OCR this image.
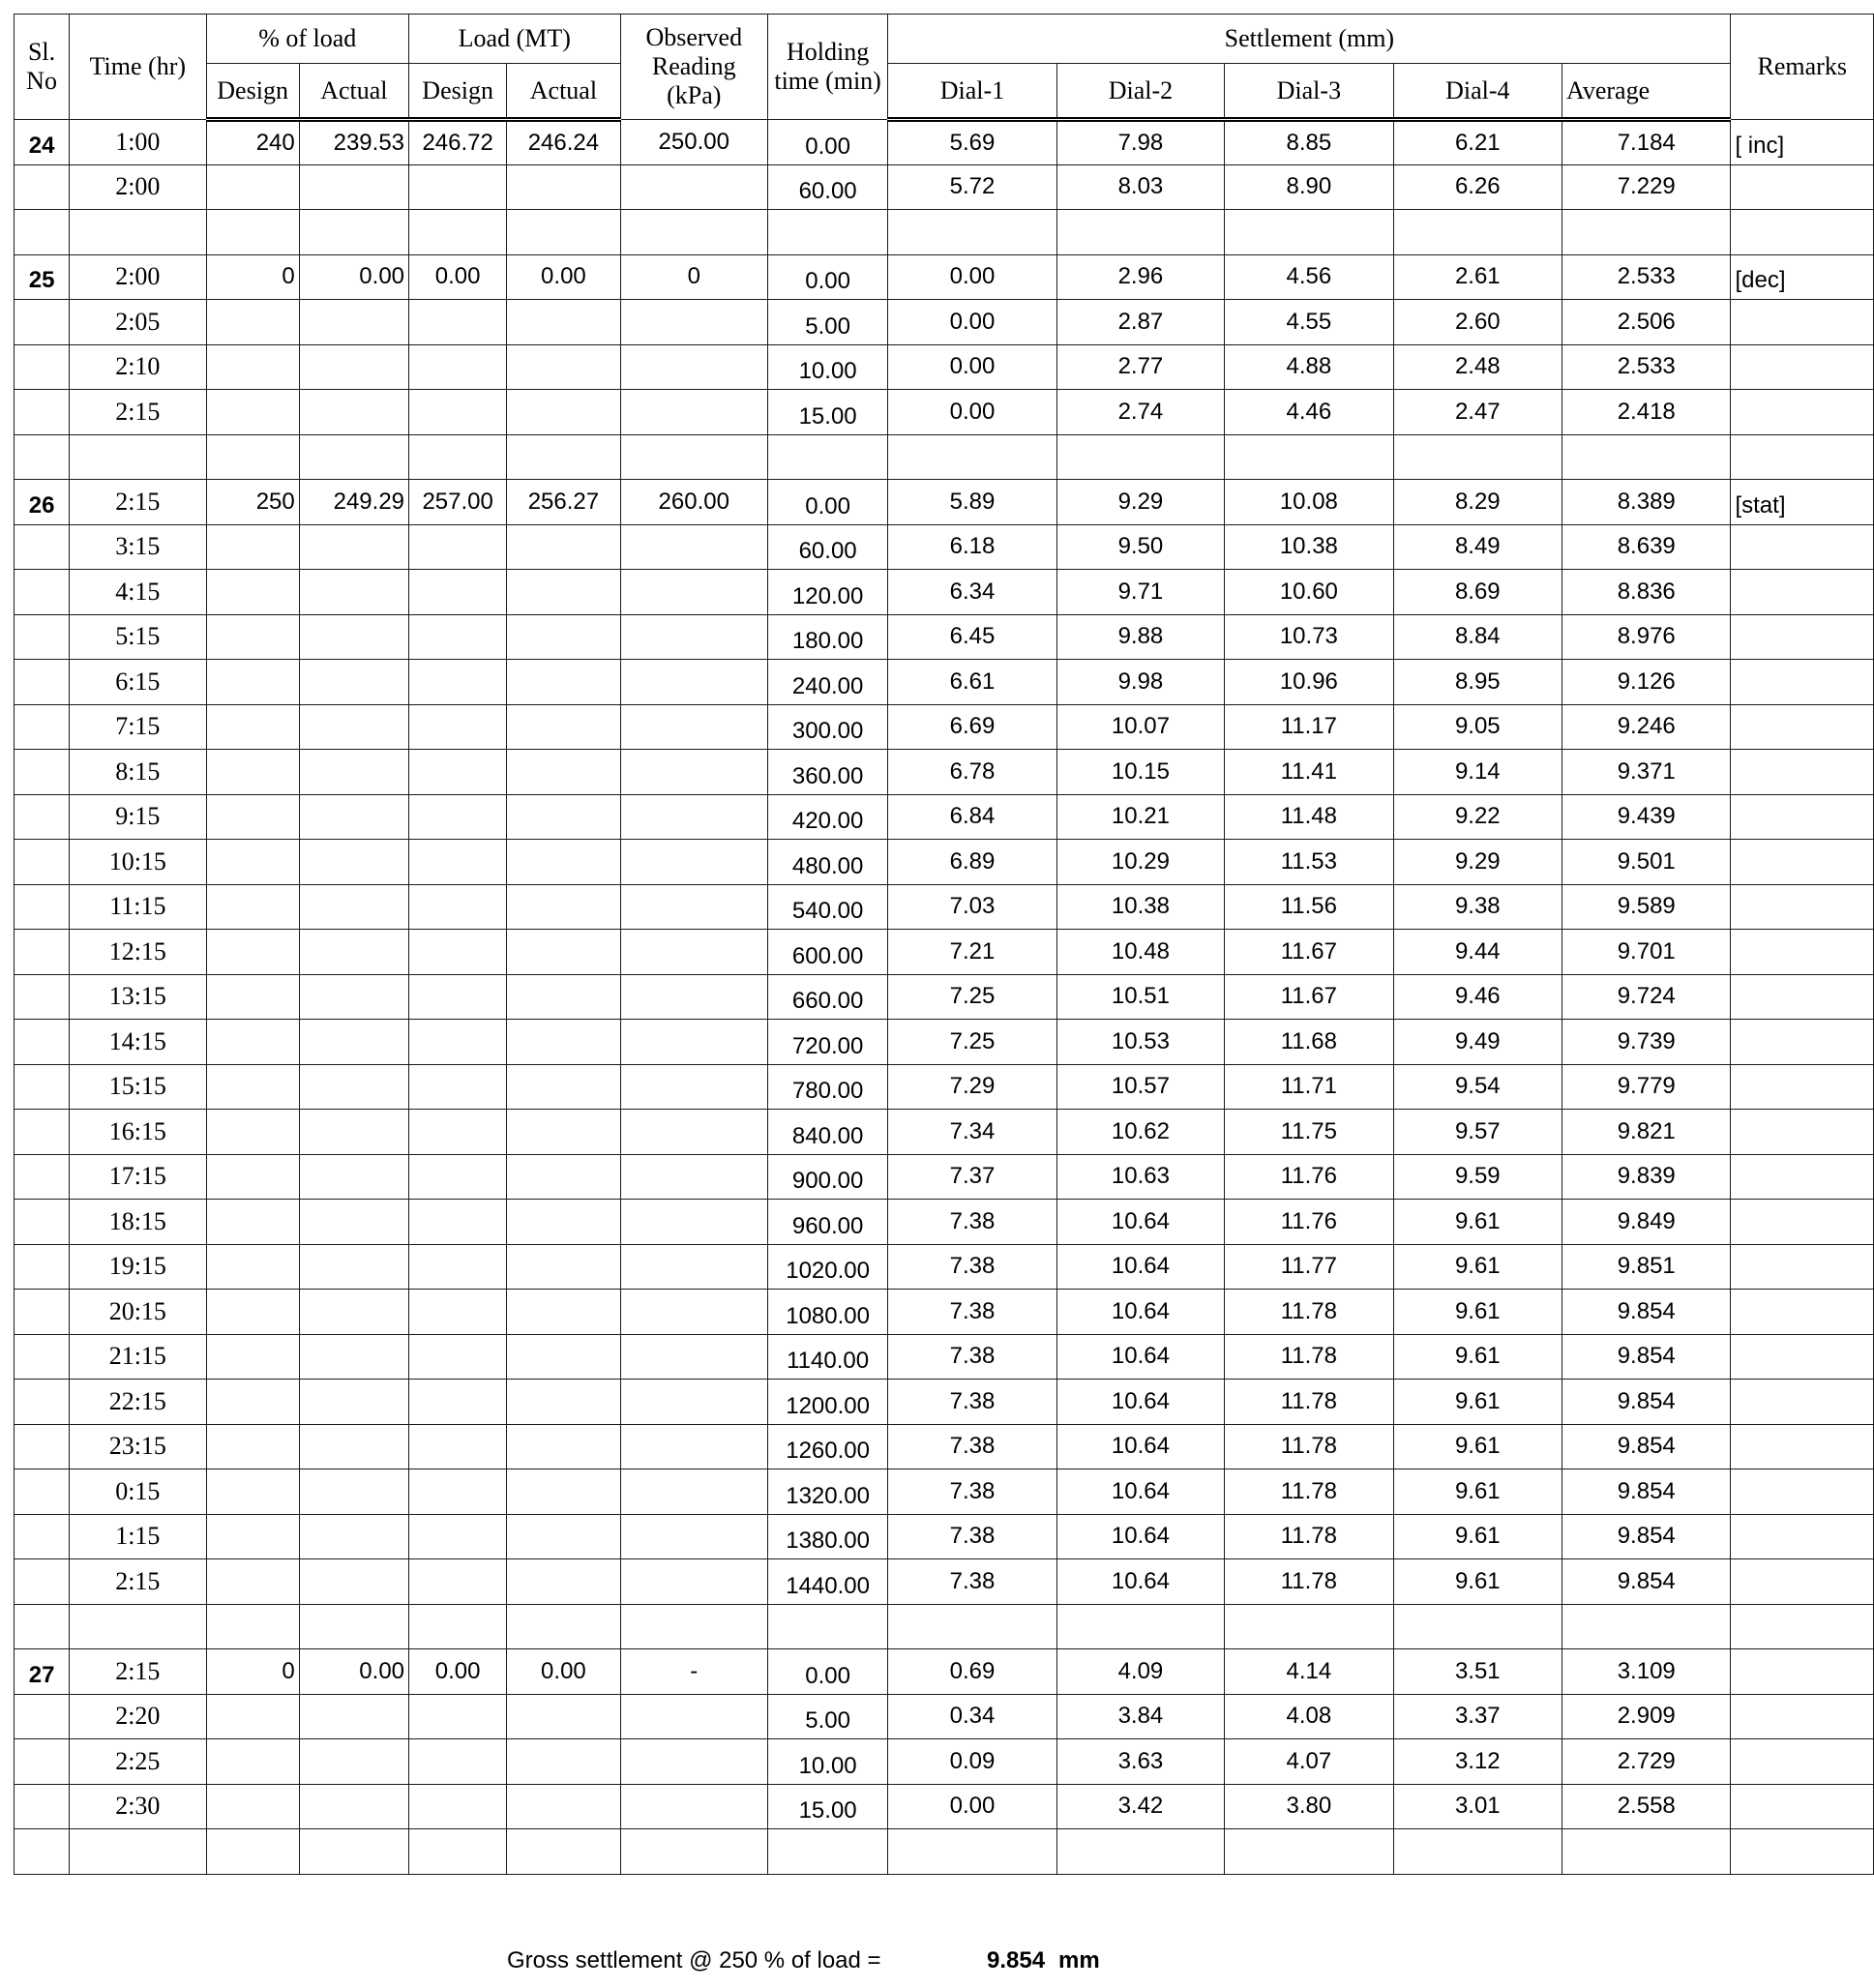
Sl. No	Time (hr)	% of load		Load (MT)		Observed Reading (kPa)	Holding time (min)	Settlement (mm)					Remarks
		Design	Actual	Design	Actual			Dial-1	Dial-2	Dial-3	Dial-4	Average	
24	1:00	240	239.53	246.72	246.24	250.00	0.00	5.69	7.98	8.85	6.21	7.184	[ inc]
	2:00						60.00	5.72	8.03	8.90	6.26	7.229	

25	2:00	0	0.00	0.00	0.00	0	0.00	0.00	2.96	4.56	2.61	2.533	[dec]
	2:05						5.00	0.00	2.87	4.55	2.60	2.506	
	2:10						10.00	0.00	2.77	4.88	2.48	2.533	
	2:15						15.00	0.00	2.74	4.46	2.47	2.418	

26	2:15	250	249.29	257.00	256.27	260.00	0.00	5.89	9.29	10.08	8.29	8.389	[stat]
	3:15						60.00	6.18	9.50	10.38	8.49	8.639	
	4:15						120.00	6.34	9.71	10.60	8.69	8.836	
	5:15						180.00	6.45	9.88	10.73	8.84	8.976	
	6:15						240.00	6.61	9.98	10.96	8.95	9.126	
	7:15						300.00	6.69	10.07	11.17	9.05	9.246	
	8:15						360.00	6.78	10.15	11.41	9.14	9.371	
	9:15						420.00	6.84	10.21	11.48	9.22	9.439	
	10:15						480.00	6.89	10.29	11.53	9.29	9.501	
	11:15						540.00	7.03	10.38	11.56	9.38	9.589	
	12:15						600.00	7.21	10.48	11.67	9.44	9.701	
	13:15						660.00	7.25	10.51	11.67	9.46	9.724	
	14:15						720.00	7.25	10.53	11.68	9.49	9.739	
	15:15						780.00	7.29	10.57	11.71	9.54	9.779	
	16:15						840.00	7.34	10.62	11.75	9.57	9.821	
	17:15						900.00	7.37	10.63	11.76	9.59	9.839	
	18:15						960.00	7.38	10.64	11.76	9.61	9.849	
	19:15						1020.00	7.38	10.64	11.77	9.61	9.851	
	20:15						1080.00	7.38	10.64	11.78	9.61	9.854	
	21:15						1140.00	7.38	10.64	11.78	9.61	9.854	
	22:15						1200.00	7.38	10.64	11.78	9.61	9.854	
	23:15						1260.00	7.38	10.64	11.78	9.61	9.854	
	0:15						1320.00	7.38	10.64	11.78	9.61	9.854	
	1:15						1380.00	7.38	10.64	11.78	9.61	9.854	
	2:15						1440.00	7.38	10.64	11.78	9.61	9.854	

27	2:15	0	0.00	0.00	0.00	-	0.00	0.69	4.09	4.14	3.51	3.109	
	2:20						5.00	0.34	3.84	4.08	3.37	2.909	
	2:25						10.00	0.09	3.63	4.07	3.12	2.729	
	2:30						15.00	0.00	3.42	3.80	3.01	2.558	

Gross settlement @ 250 % of load =	9.854 mm
